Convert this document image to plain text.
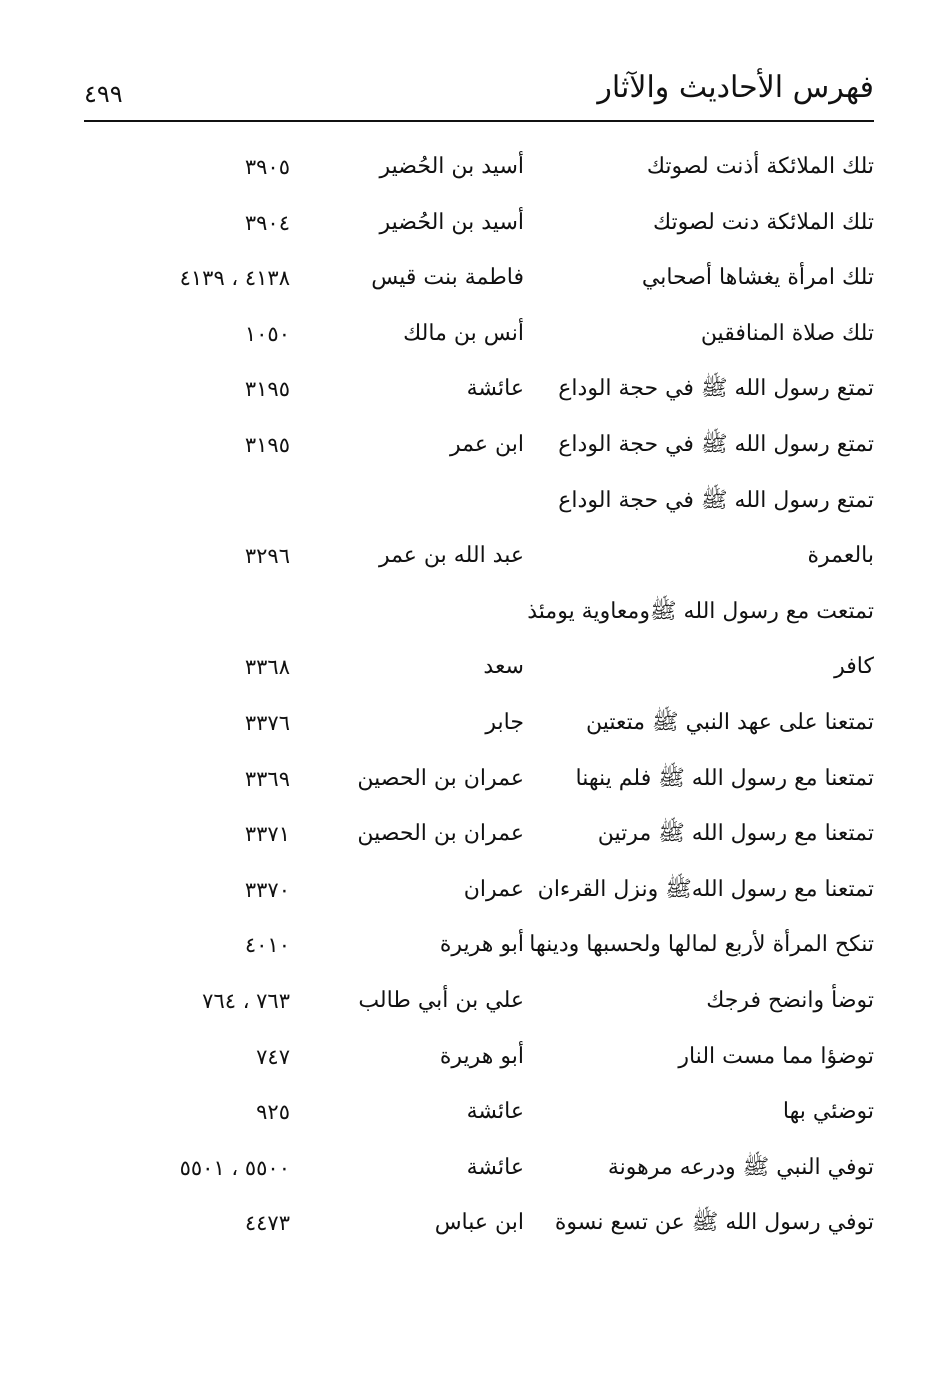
فهرس الأحاديث والآثار
٤٩٩
تلك الملائكة أذنت لصوتك
أسيد بن الحُضير
٣٩٠٥
تلك الملائكة دنت لصوتك
أسيد بن الحُضير
٣٩٠٤
تلك امرأة يغشاها أصحابي
فاطمة بنت قيس
٤١٣٨ ، ٤١٣٩
تلك صلاة المنافقين
أنس بن مالك
١٠٥٠
تمتع رسول الله ﷺ في حجة الوداع
عائشة
٣١٩٥
تمتع رسول الله ﷺ في حجة الوداع
ابن عمر
٣١٩٥
تمتع رسول الله ﷺ في حجة الوداع
بالعمرة
عبد الله بن عمر
٣٢٩٦
تمتعت مع رسول الله ﷺومعاوية يومئذ
كافر
سعد
٣٣٦٨
تمتعنا على عهد النبي ﷺ متعتين
جابر
٣٣٧٦
تمتعنا مع رسول الله ﷺ فلم ينهنا
عمران بن الحصين
٣٣٦٩
تمتعنا مع رسول الله ﷺ مرتين
عمران بن الحصين
٣٣٧١
تمتعنا مع رسول اللهﷺ ونزل القرءان
عمران
٣٣٧٠
تنكح المرأة لأربع لمالها ولحسبها ودينها
أبو هريرة
٤٠١٠
توضأ وانضح فرجك
علي بن أبي طالب
٧٦٣ ، ٧٦٤
توضؤا مما مست النار
أبو هريرة
٧٤٧
توضئي بها
عائشة
٩٢٥
توفي النبي ﷺ ودرعه مرهونة
عائشة
٥٥٠٠ ، ٥٥٠١
توفي رسول الله ﷺ عن تسع نسوة
ابن عباس
٤٤٧٣
